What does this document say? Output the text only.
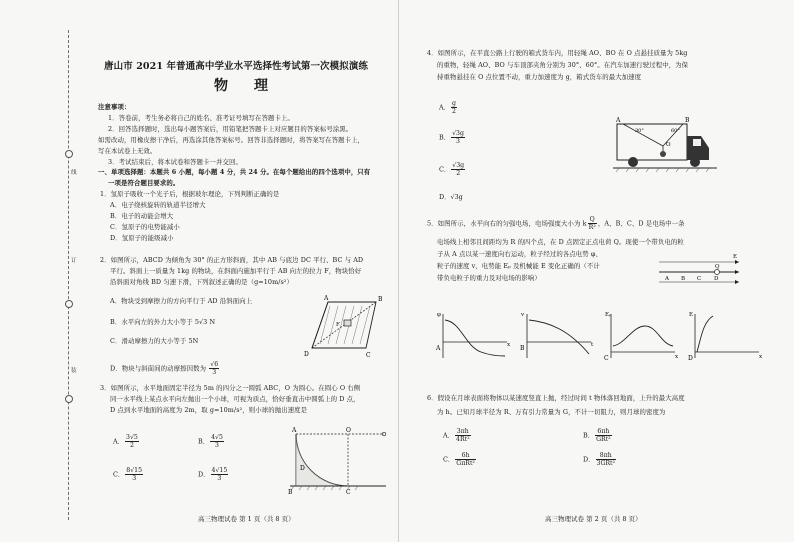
线
订
装
唐山市 2021 年普通高中学业水平选择性考试第一次模拟演练
物　理
注意事项：
1．答卷前，考生务必将自己的姓名、准考证号填写在答题卡上。
2．回答选择题时，选出每小题答案后，用铅笔把答题卡上对应题目的答案标号涂黑。
如需改动，用橡皮擦干净后，再选涂其他答案标号。回答非选择题时，将答案写在答题卡上，
写在本试卷上无效。
3．考试结束后，将本试卷和答题卡一并交回。
一、单项选择题：本题共 6 小题，每小题 4 分，共 24 分。在每个题给出的四个选项中，只有
一项是符合题目要求的。
1．氢原子吸收一个光子后，根据玻尔理论，下列判断正确的是
A．电子绕核旋转的轨道半径增大
B．电子的动能会增大
C．氢原子的电势能减小
D．氢原子的能级减小
2．如图所示，ABCD 为倾角为 30° 的正方形斜面，其中 AB 与底边 DC 平行、BC 与 AD
平行。斜面上一质量为 1kg 的物块，在斜面内施加平行于 AB 向左的拉力 F，物块恰好
沿斜面对角线 BD 匀速下滑，下列叙述正确的是（g=10m/s²）
A．物块受到摩擦力的方向平行于 AD 沿斜面向上
B．水平向左的外力大小等于 5√3 N
C．滑动摩擦力的大小等于 5N
D．物块与斜面间的动摩擦因数为 $\frac{√6}{3}$
A	B
C
D
F
3．如图所示，水平地面固定半径为 5m 的四分之一圆弧 ABC，O 为圆心。在圆心 O 右侧
同一水平线上某点水平向左抛出一个小球，可视为质点，恰好垂直击中圆弧上的 D 点，
D 点到水平地面的高度为 2m，取 g=10m/s²，则小球的抛出速度是
A． $\frac{3√5}{2}$	B． $\frac{4√5}{3}$
C． $\frac{8√15}{3}$	D． $\frac{4√15}{3}$
A	O
D
C
B
高三物理试卷 第 1 页（共 8 页）
4．如图所示，在平直公路上行驶的箱式货车内，用轻绳 AO、BO 在 O 点悬挂质量为 5kg
的重物，轻绳 AO、BO 与车顶部夹角分别为 30°、60°。在汽车加速行驶过程中，为保
持重物悬挂在 O 点位置不动，重力加速度为 g，箱式货车的最大加速度
A． $\frac{g}{2}$
B． $\frac{√3g}{3}$
C． $\frac{√3g}{2}$
D．√3g
A
30°	60°
B
O
5．如图所示，水平向右的匀强电场，电场强度大小为 k $\frac{Q}{\text{R²}}$ ，A、B、C、D 是电场中一条
电场线上相邻且间距均为 R 的四个点，在 D 点固定正点电荷 Q。现使一个带负电的粒
子从 A 点以某一速度向右运动，粒子经过的各点电势 φ、
粒子的速度 v、电势能 Eₚ 及机械能 E 变化正确的（不计
带负电粒子的重力及对电场的影响）	A B C D
Q
E
φ
x
A
v
t
B
Eₚ
x
C
E
x
D
6．假设在月球表面将物体以某速度竖直上抛，经过时间 t 物体落回地面，上升的最大高度
为 h。已知月球半径为 R、万有引力常量为 G，不计一切阻力，则月球的密度为
A． $\frac{3\pi h}{\text{4Rt²}}$	B． $\frac{6\pi h}{\text{GRt²}}$
C． $\frac{6h}{\text{GπRt²}}$	D． $\frac{8\pi h}{\text{3GRt²}}$
高三物理试卷 第 2 页（共 8 页）
